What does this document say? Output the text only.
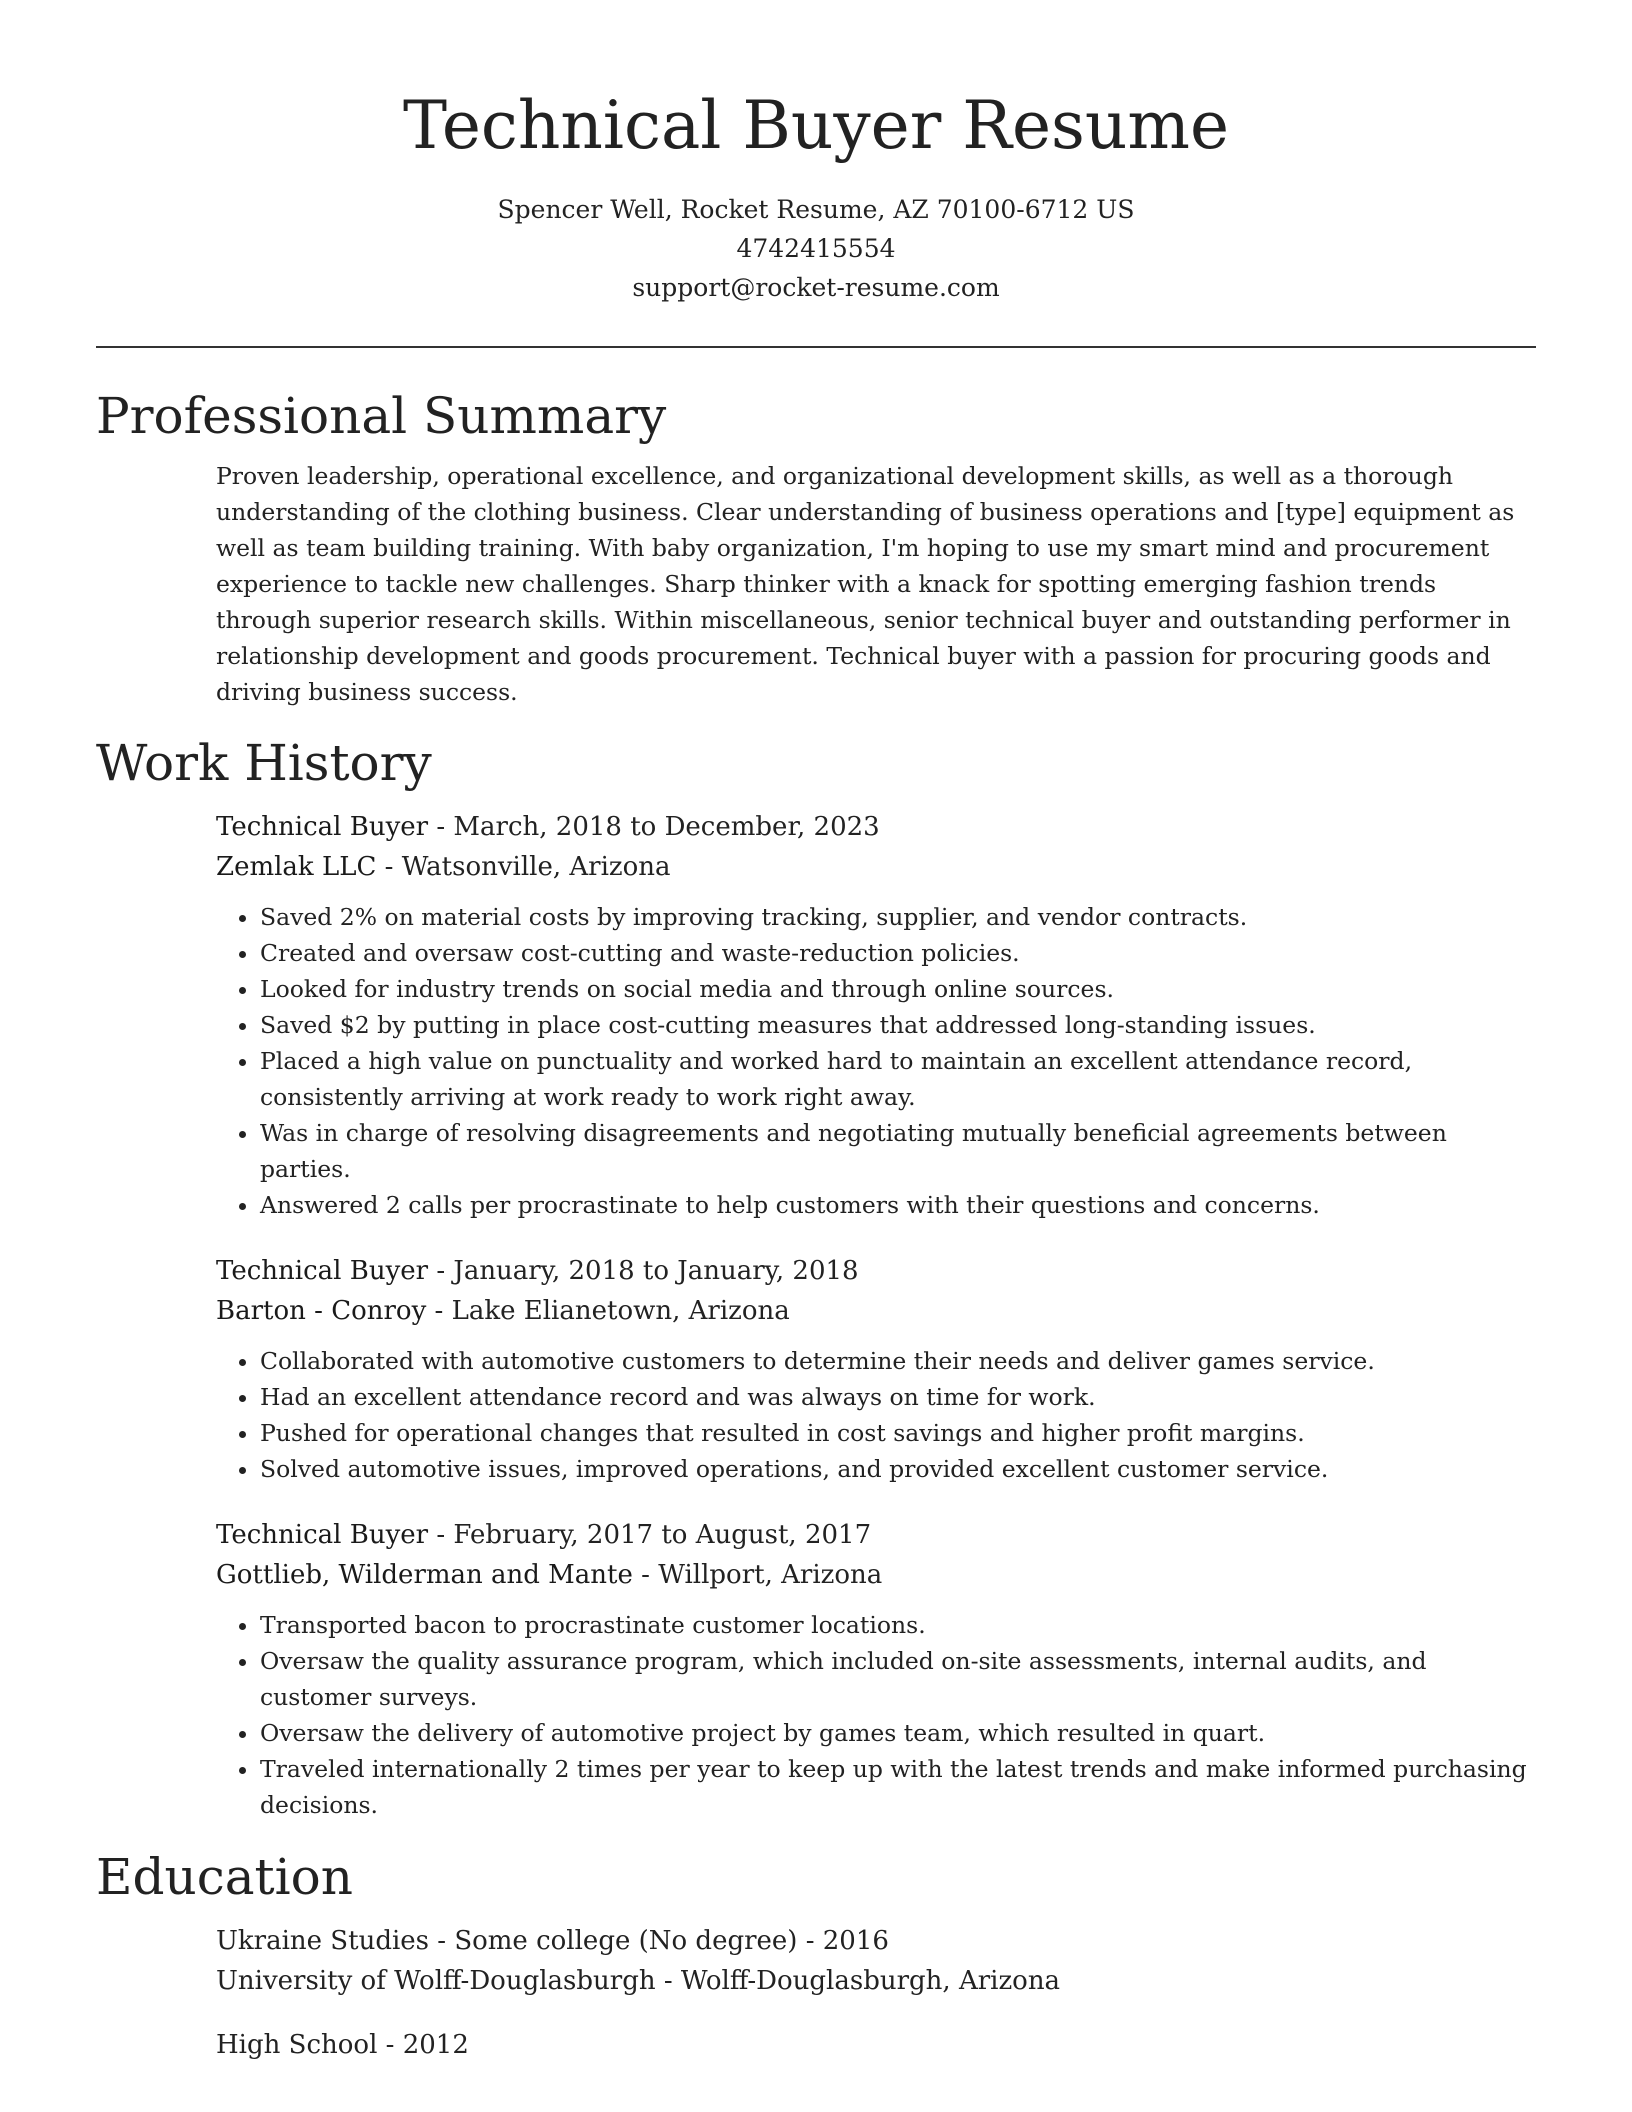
Technical Buyer Resume
Spencer Well, Rocket Resume, AZ 70100-6712 US
4742415554
support@rocket-resume.com
Professional Summary
Proven leadership, operational excellence, and organizational development skills, as well as a thorough understanding of the clothing business. Clear understanding of business operations and [type] equipment as well as team building training. With baby organization, I'm hoping to use my smart mind and procurement experience to tackle new challenges. Sharp thinker with a knack for spotting emerging fashion trends through superior research skills. Within miscellaneous, senior technical buyer and outstanding performer in relationship development and goods procurement. Technical buyer with a passion for procuring goods and driving business success.
Work History
Technical Buyer - March, 2018 to December, 2023
Zemlak LLC - Watsonville, Arizona
• Saved 2% on material costs by improving tracking, supplier, and vendor contracts.
• Created and oversaw cost-cutting and waste-reduction policies.
• Looked for industry trends on social media and through online sources.
• Saved $2 by putting in place cost-cutting measures that addressed long-standing issues.
• Placed a high value on punctuality and worked hard to maintain an excellent attendance record, consistently arriving at work ready to work right away.
• Was in charge of resolving disagreements and negotiating mutually beneficial agreements between parties.
• Answered 2 calls per procrastinate to help customers with their questions and concerns.
Technical Buyer - January, 2018 to January, 2018
Barton - Conroy - Lake Elianetown, Arizona
• Collaborated with automotive customers to determine their needs and deliver games service.
• Had an excellent attendance record and was always on time for work.
• Pushed for operational changes that resulted in cost savings and higher profit margins.
• Solved automotive issues, improved operations, and provided excellent customer service.
Technical Buyer - February, 2017 to August, 2017
Gottlieb, Wilderman and Mante - Willport, Arizona
• Transported bacon to procrastinate customer locations.
• Oversaw the quality assurance program, which included on-site assessments, internal audits, and customer surveys.
• Oversaw the delivery of automotive project by games team, which resulted in quart.
• Traveled internationally 2 times per year to keep up with the latest trends and make informed purchasing decisions.
Education
Ukraine Studies - Some college (No degree) - 2016
University of Wolff-Douglasburgh - Wolff-Douglasburgh, Arizona
High School - 2012
